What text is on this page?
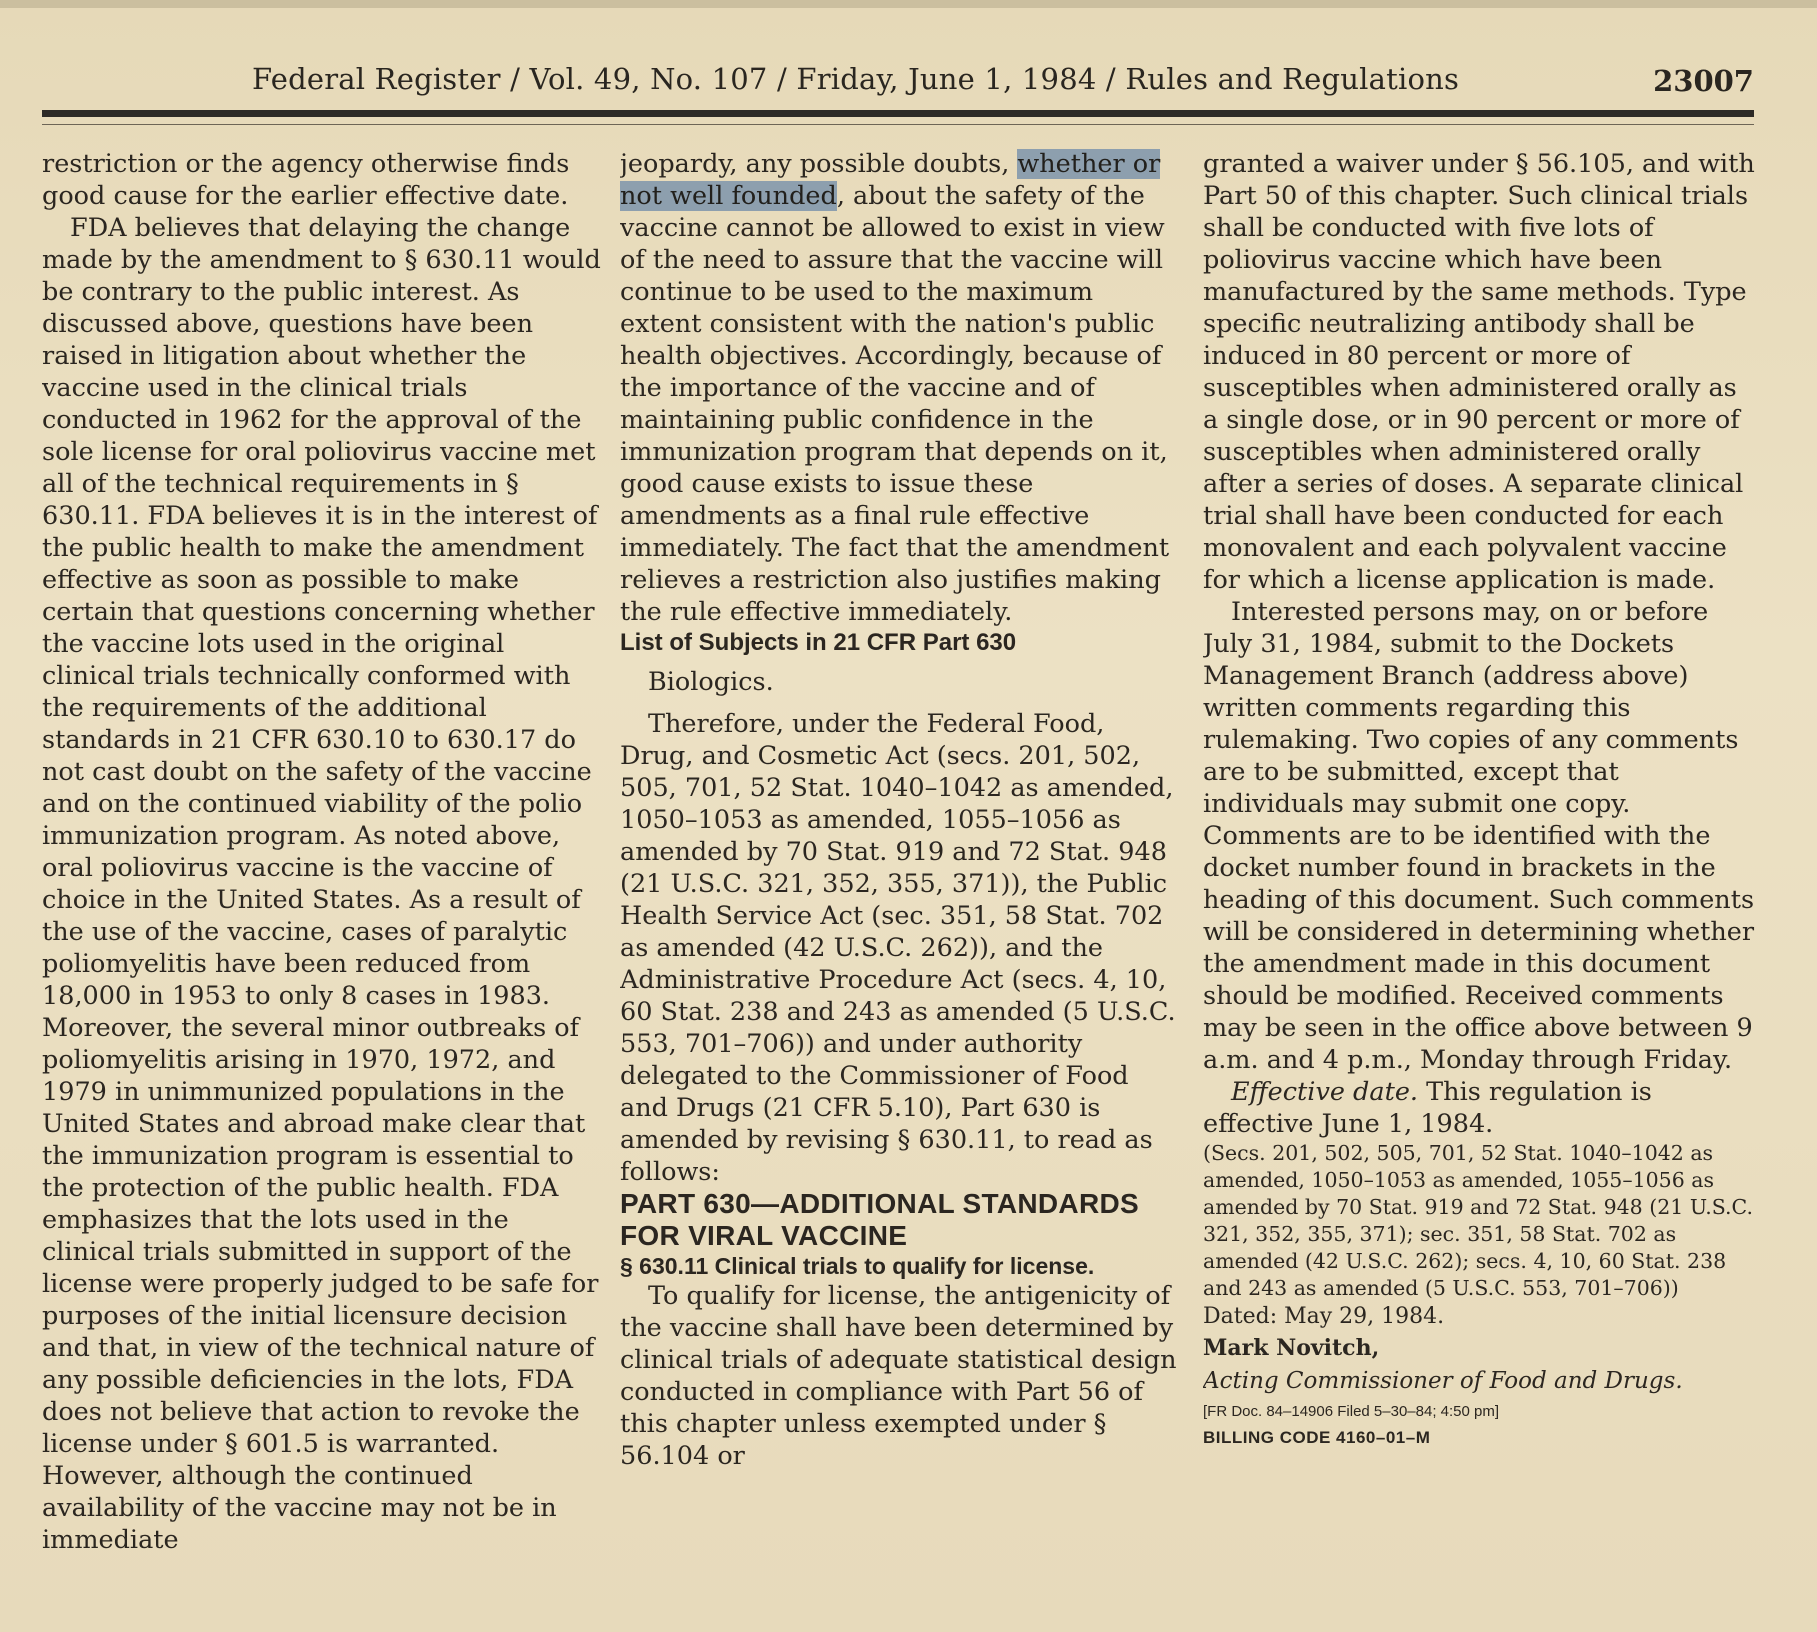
Federal Register / Vol. 49, No. 107 / Friday, June 1, 1984 / Rules and Regulations	23007

restriction or the agency otherwise finds good cause for the earlier effective date.

FDA believes that delaying the change made by the amendment to § 630.11 would be contrary to the public interest. As discussed above, questions have been raised in litigation about whether the vaccine used in the clinical trials conducted in 1962 for the approval of the sole license for oral poliovirus vaccine met all of the technical requirements in § 630.11. FDA believes it is in the interest of the public health to make the amendment effective as soon as possible to make certain that questions concerning whether the vaccine lots used in the original clinical trials technically conformed with the requirements of the additional standards in 21 CFR 630.10 to 630.17 do not cast doubt on the safety of the vaccine and on the continued viability of the polio immunization program. As noted above, oral poliovirus vaccine is the vaccine of choice in the United States. As a result of the use of the vaccine, cases of paralytic poliomyelitis have been reduced from 18,000 in 1953 to only 8 cases in 1983. Moreover, the several minor outbreaks of poliomyelitis arising in 1970, 1972, and 1979 in unimmunized populations in the United States and abroad make clear that the immunization program is essential to the protection of the public health. FDA emphasizes that the lots used in the clinical trials submitted in support of the license were properly judged to be safe for purposes of the initial licensure decision and that, in view of the technical nature of any possible deficiencies in the lots, FDA does not believe that action to revoke the license under § 601.5 is warranted. However, although the continued availability of the vaccine may not be in immediate

jeopardy, any possible doubts, whether or not well founded, about the safety of the vaccine cannot be allowed to exist in view of the need to assure that the vaccine will continue to be used to the maximum extent consistent with the nation's public health objectives. Accordingly, because of the importance of the vaccine and of maintaining public confidence in the immunization program that depends on it, good cause exists to issue these amendments as a final rule effective immediately. The fact that the amendment relieves a restriction also justifies making the rule effective immediately.

List of Subjects in 21 CFR Part 630

Biologics.

Therefore, under the Federal Food, Drug, and Cosmetic Act (secs. 201, 502, 505, 701, 52 Stat. 1040–1042 as amended, 1050–1053 as amended, 1055–1056 as amended by 70 Stat. 919 and 72 Stat. 948 (21 U.S.C. 321, 352, 355, 371)), the Public Health Service Act (sec. 351, 58 Stat. 702 as amended (42 U.S.C. 262)), and the Administrative Procedure Act (secs. 4, 10, 60 Stat. 238 and 243 as amended (5 U.S.C. 553, 701–706)) and under authority delegated to the Commissioner of Food and Drugs (21 CFR 5.10), Part 630 is amended by revising § 630.11, to read as follows:

PART 630—ADDITIONAL STANDARDS FOR VIRAL VACCINE

§ 630.11 Clinical trials to qualify for license.

To qualify for license, the antigenicity of the vaccine shall have been determined by clinical trials of adequate statistical design conducted in compliance with Part 56 of this chapter unless exempted under § 56.104 or

granted a waiver under § 56.105, and with Part 50 of this chapter. Such clinical trials shall be conducted with five lots of poliovirus vaccine which have been manufactured by the same methods. Type specific neutralizing antibody shall be induced in 80 percent or more of susceptibles when administered orally as a single dose, or in 90 percent or more of susceptibles when administered orally after a series of doses. A separate clinical trial shall have been conducted for each monovalent and each polyvalent vaccine for which a license application is made.

Interested persons may, on or before July 31, 1984, submit to the Dockets Management Branch (address above) written comments regarding this rulemaking. Two copies of any comments are to be submitted, except that individuals may submit one copy. Comments are to be identified with the docket number found in brackets in the heading of this document. Such comments will be considered in determining whether the amendment made in this document should be modified. Received comments may be seen in the office above between 9 a.m. and 4 p.m., Monday through Friday.

Effective date. This regulation is effective June 1, 1984.

(Secs. 201, 502, 505, 701, 52 Stat. 1040–1042 as amended, 1050–1053 as amended, 1055–1056 as amended by 70 Stat. 919 and 72 Stat. 948 (21 U.S.C. 321, 352, 355, 371); sec. 351, 58 Stat. 702 as amended (42 U.S.C. 262); secs. 4, 10, 60 Stat. 238 and 243 as amended (5 U.S.C. 553, 701–706))

Dated: May 29, 1984.

Mark Novitch,

Acting Commissioner of Food and Drugs.

[FR Doc. 84–14906 Filed 5–30–84; 4:50 pm]

BILLING CODE 4160–01–M
